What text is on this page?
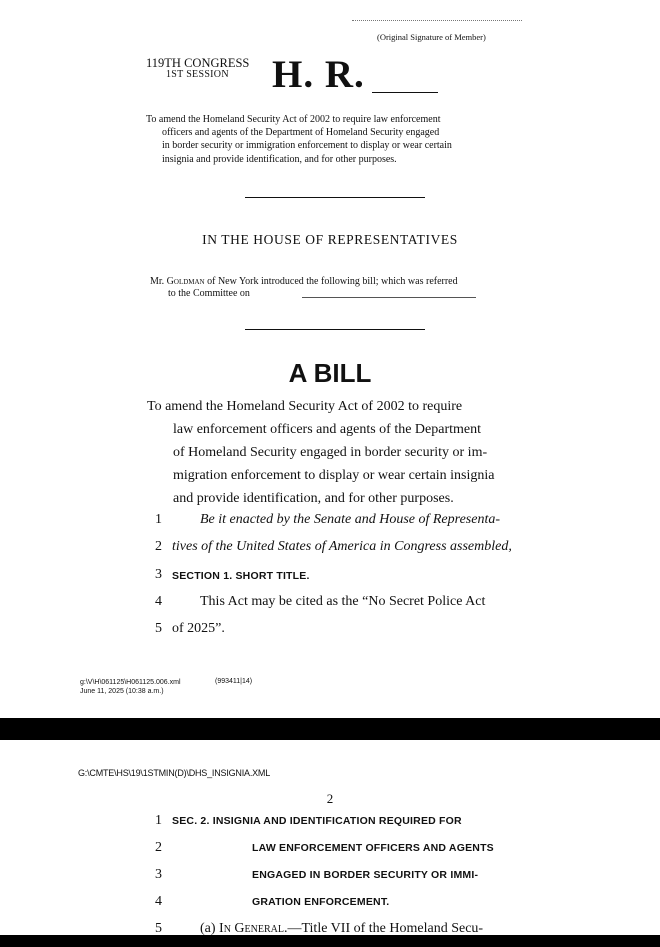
(Original Signature of Member)
119TH CONGRESS
1ST SESSION H. R.
To amend the Homeland Security Act of 2002 to require law enforcement
officers and agents of the Department of Homeland Security engaged
in border security or immigration enforcement to display or wear certain
insignia and provide identification, and for other purposes.
IN THE HOUSE OF REPRESENTATIVES
Mr. Goldman of New York introduced the following bill; which was referred
to the Committee on
A BILL
To amend the Homeland Security Act of 2002 to require
law enforcement officers and agents of the Department
of Homeland Security engaged in border security or im-
migration enforcement to display or wear certain insignia
and provide identification, and for other purposes.
1	Be it enacted by the Senate and House of Representa-
2 tives of the United States of America in Congress assembled,
3 SECTION 1. SHORT TITLE.
4	This Act may be cited as the “No Secret Police Act
5 of 2025”.
g:\V\H\061125\H061125.006.xml	(993411|14)
June 11, 2025 (10:38 a.m.)
G:\CMTE\HS\19\1STMIN(D)\DHS_INSIGNIA.XML
2
1 SEC. 2. INSIGNIA AND IDENTIFICATION REQUIRED FOR
2	LAW ENFORCEMENT OFFICERS AND AGENTS
3	ENGAGED IN BORDER SECURITY OR IMMI-
4	GRATION ENFORCEMENT.
5	(a) In General.—Title VII of the Homeland Secu-
